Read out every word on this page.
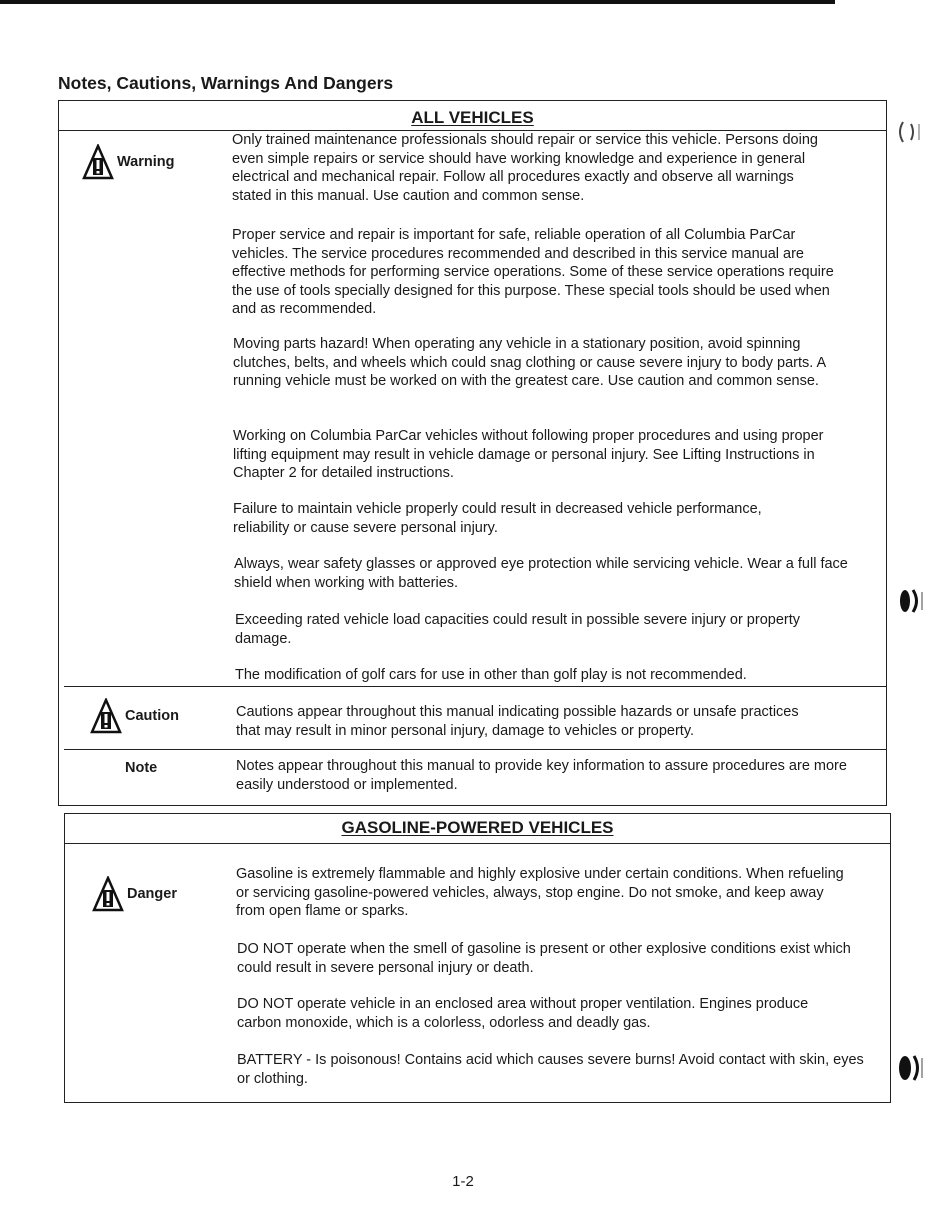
Notes, Cautions, Warnings And Dangers
ALL VEHICLES
Warning

Only trained maintenance professionals should repair or service this vehicle. Persons doing even simple repairs or service should have working knowledge and experience in general electrical and mechanical repair. Follow all procedures exactly and observe all warnings stated in this manual. Use caution and common sense.

Proper service and repair is important for safe, reliable operation of all Columbia ParCar vehicles. The service procedures recommended and described in this service manual are effective methods for performing service operations. Some of these service operations require the use of tools specially designed for this purpose. These special tools should be used when and as recommended.

Moving parts hazard! When operating any vehicle in a stationary position, avoid spinning clutches, belts, and wheels which could snag clothing or cause severe injury to body parts. A running vehicle must be worked on with the greatest care. Use caution and common sense.

Working on Columbia ParCar vehicles without following proper procedures and using proper lifting equipment may result in vehicle damage or personal injury. See Lifting Instructions in Chapter 2 for detailed instructions.

Failure to maintain vehicle properly could result in decreased vehicle performance, reliability or cause severe personal injury.

Always, wear safety glasses or approved eye protection while servicing vehicle. Wear a full face shield when working with batteries.

Exceeding rated vehicle load capacities could result in possible severe injury or property damage.

The modification of golf cars for use in other than golf play is not recommended.

Caution	Cautions appear throughout this manual indicating possible hazards or unsafe practices that may result in minor personal injury, damage to vehicles or property.

Note	Notes appear throughout this manual to provide key information to assure procedures are more easily understood or implemented.

GASOLINE-POWERED VEHICLES
Danger

Gasoline is extremely flammable and highly explosive under certain conditions. When refueling or servicing gasoline-powered vehicles, always, stop engine. Do not smoke, and keep away from open flame or sparks.

DO NOT operate when the smell of gasoline is present or other explosive conditions exist which could result in severe personal injury or death.

DO NOT operate vehicle in an enclosed area without proper ventilation. Engines produce carbon monoxide, which is a colorless, odorless and deadly gas.

BATTERY - Is poisonous! Contains acid which causes severe burns! Avoid contact with skin, eyes or clothing.

1-2
